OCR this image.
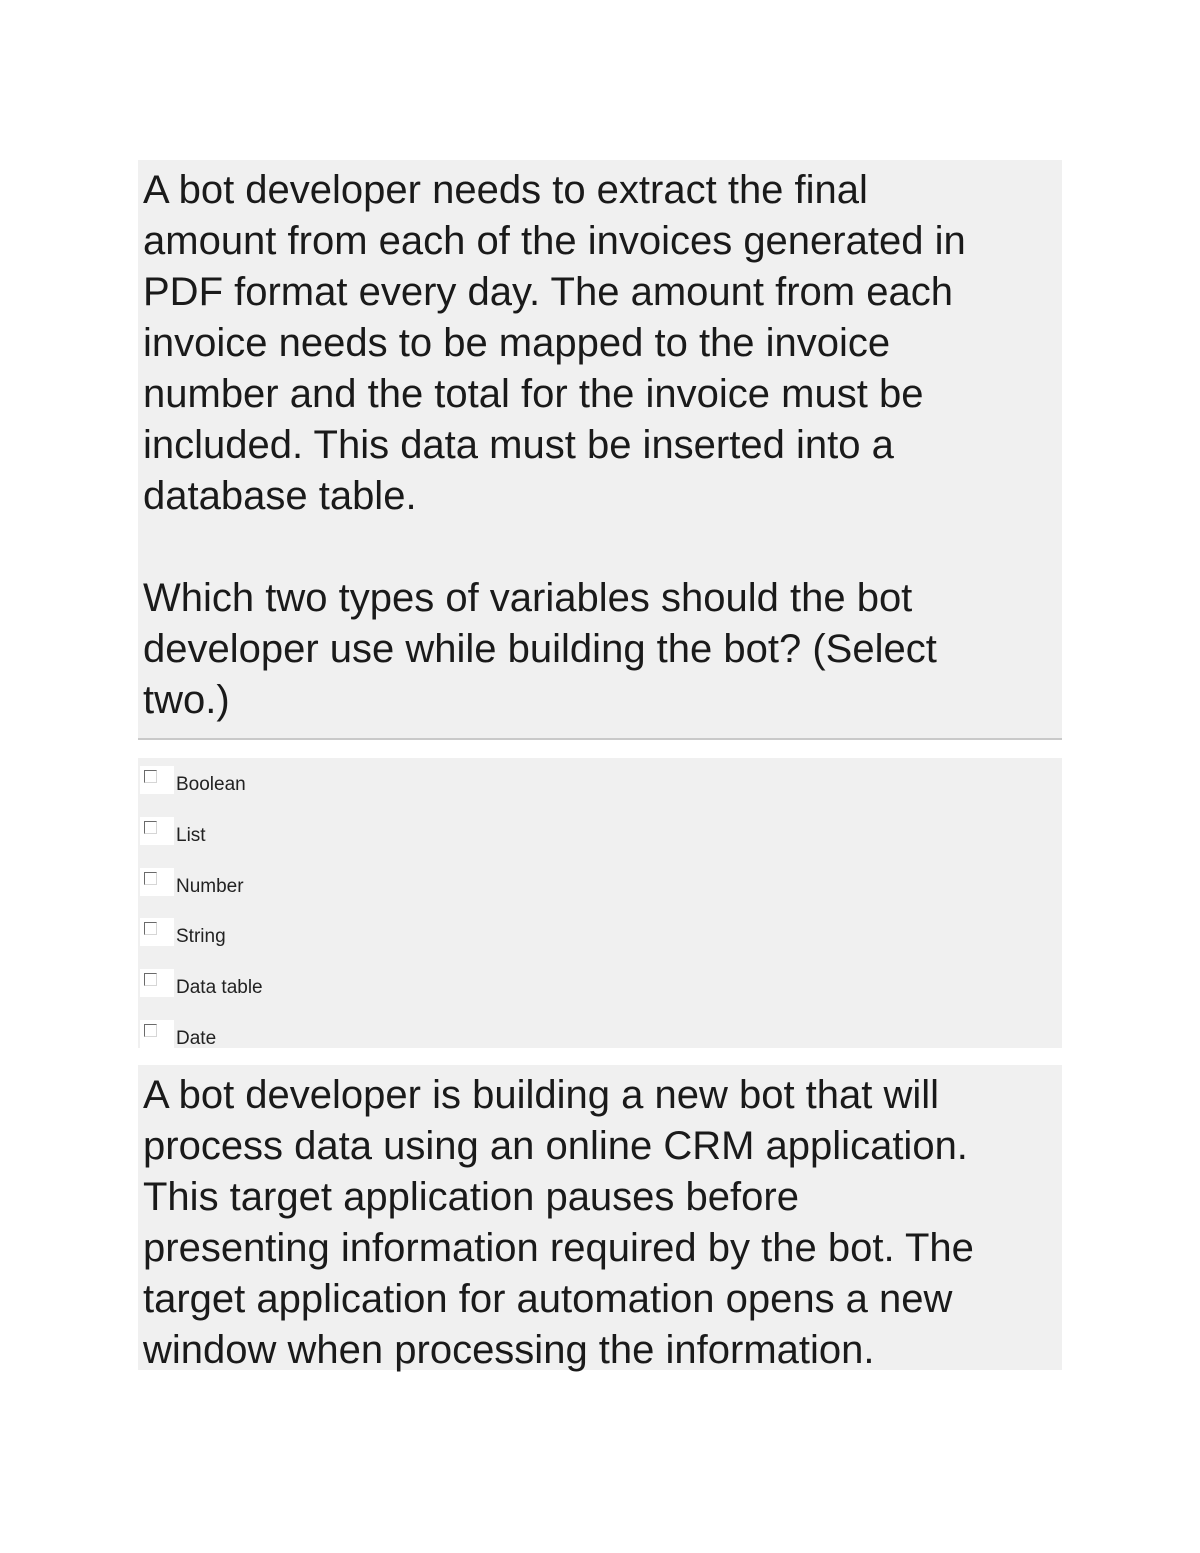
A bot developer needs to extract the final
amount from each of the invoices generated in
PDF format every day. The amount from each
invoice needs to be mapped to the invoice
number and the total for the invoice must be
included. This data must be inserted into a
database table.

Which two types of variables should the bot
developer use while building the bot? (Select
two.)

Boolean
List
Number
String
Data table
Date

A bot developer is building a new bot that will
process data using an online CRM application.
This target application pauses before
presenting information required by the bot. The
target application for automation opens a new
window when processing the information.
